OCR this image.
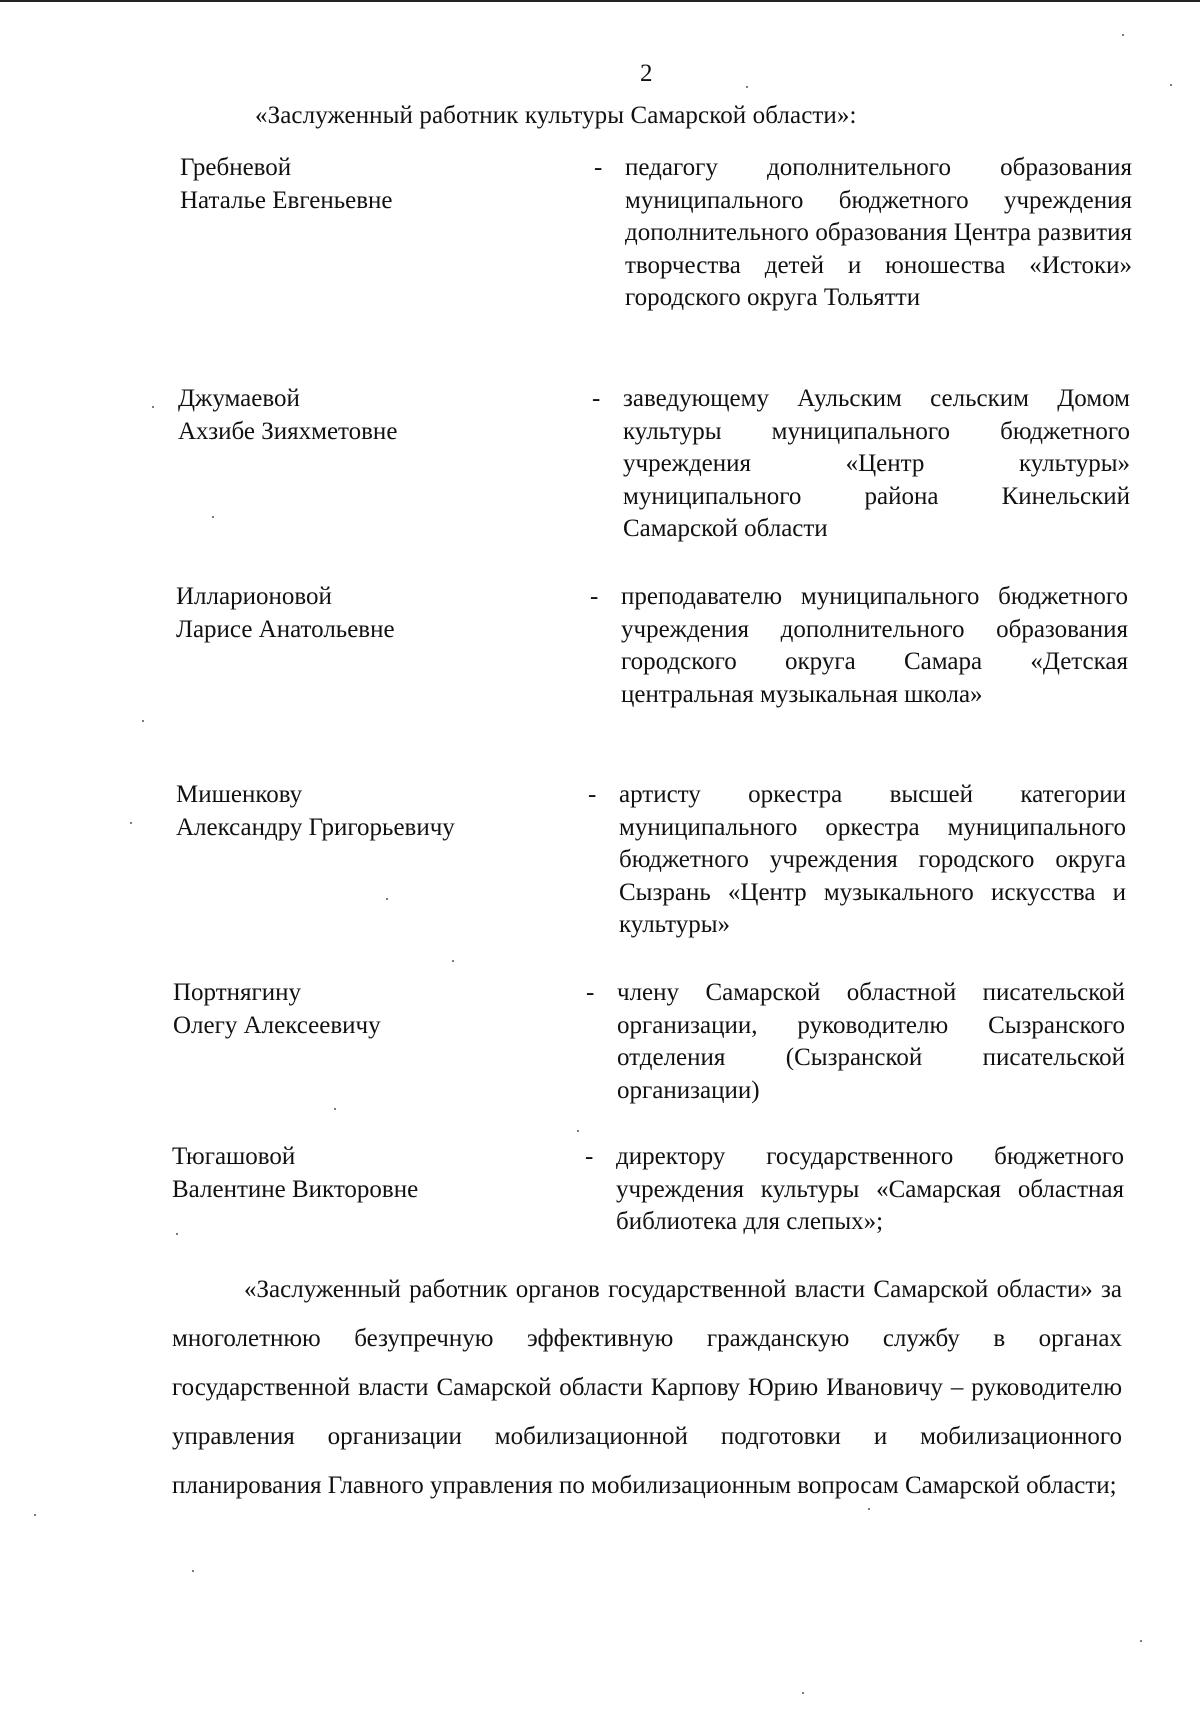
2
«Заслуженный работник культуры Самарской области»:
Гребневой
Наталье Евгеньевне
- педагогу дополнительного образования муниципального бюджетного учреждения дополнительного образования Центра развития творчества детей и юношества «Истоки» городского округа Тольятти
Джумаевой
Ахзибе Зияхметовне
- заведующему Аульским сельским Домом культуры муниципального бюджетного учреждения «Центр культуры» муниципального района Кинельский Самарской области
Илларионовой
Ларисе Анатольевне
- преподавателю муниципального бюджетного учреждения дополнительного образования городского округа Самара «Детская центральная музыкальная школа»
Мишенкову
Александру Григорьевичу
- артисту оркестра высшей категории муниципального оркестра муниципального бюджетного учреждения городского округа Сызрань «Центр музыкального искусства и культуры»
Портнягину
Олегу Алексеевичу
- члену Самарской областной писательской организации, руководителю Сызранского отделения (Сызранской писательской организации)
Тюгашовой
Валентине Викторовне
- директору государственного бюджетного учреждения культуры «Самарская областная библиотека для слепых»;
«Заслуженный работник органов государственной власти Самарской области» за многолетнюю безупречную эффективную гражданскую службу в органах государственной власти Самарской области Карпову Юрию Ивановичу – руководителю управления организации мобилизационной подготовки и мобилизационного планирования Главного управления по мобилизационным вопросам Самарской области;
